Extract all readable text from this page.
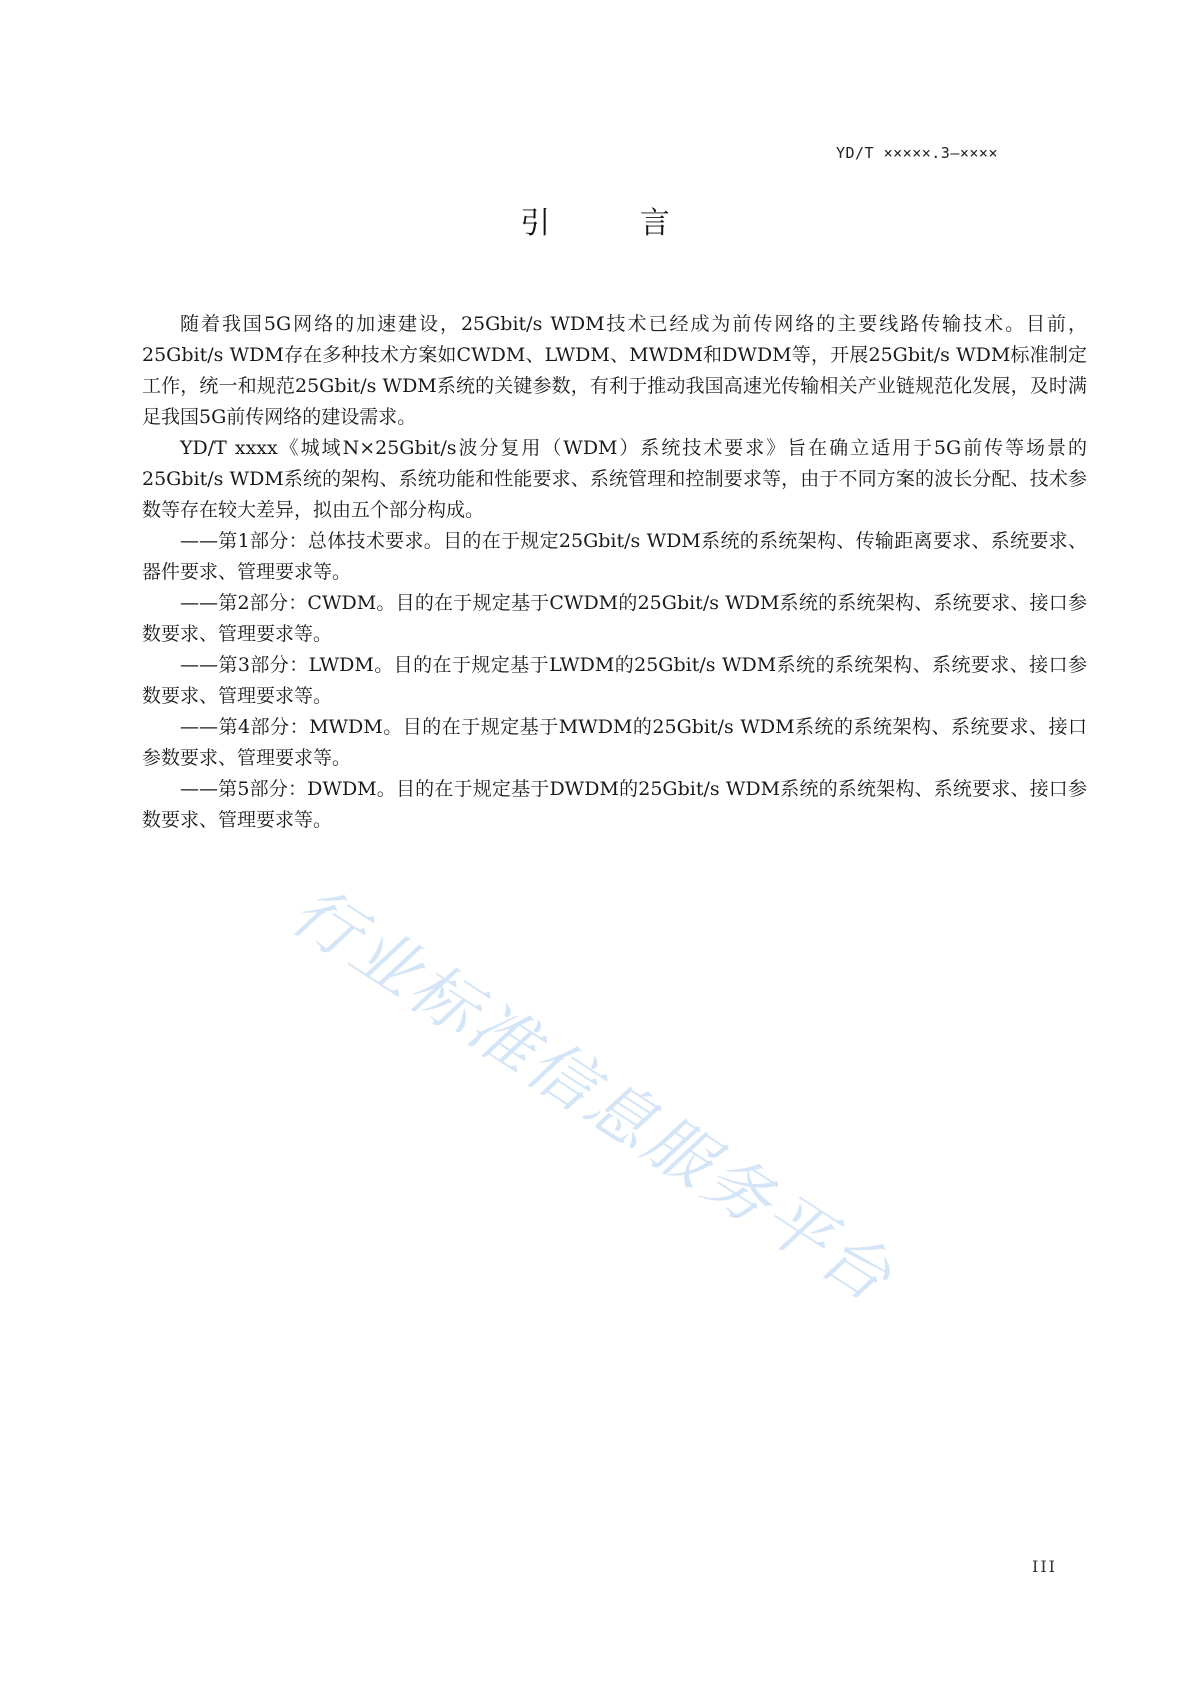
YD/T ×××××.3—××××
引 言

随着我国5G网络的加速建设，25Gbit/s WDM技术已经成为前传网络的主要线路传输技术。目前，25Gbit/s WDM存在多种技术方案如CWDM、LWDM、MWDM和DWDM等，开展25Gbit/s WDM标准制定工作，统一和规范25Gbit/s WDM系统的关键参数，有利于推动我国高速光传输相关产业链规范化发展，及时满足我国5G前传网络的建设需求。

YD/T xxxx《城域N×25Gbit/s波分复用（WDM）系统技术要求》旨在确立适用于5G前传等场景的25Gbit/s WDM系统的架构、系统功能和性能要求、系统管理和控制要求等，由于不同方案的波长分配、技术参数等存在较大差异，拟由五个部分构成。

——第1部分：总体技术要求。目的在于规定25Gbit/s WDM系统的系统架构、传输距离要求、系统要求、器件要求、管理要求等。

——第2部分：CWDM。目的在于规定基于CWDM的25Gbit/s WDM系统的系统架构、系统要求、接口参数要求、管理要求等。

——第3部分：LWDM。目的在于规定基于LWDM的25Gbit/s WDM系统的系统架构、系统要求、接口参数要求、管理要求等。

——第4部分：MWDM。目的在于规定基于MWDM的25Gbit/s WDM系统的系统架构、系统要求、接口参数要求、管理要求等。

——第5部分：DWDM。目的在于规定基于DWDM的25Gbit/s WDM系统的系统架构、系统要求、接口参数要求、管理要求等。

行业标准信息服务平台
III
